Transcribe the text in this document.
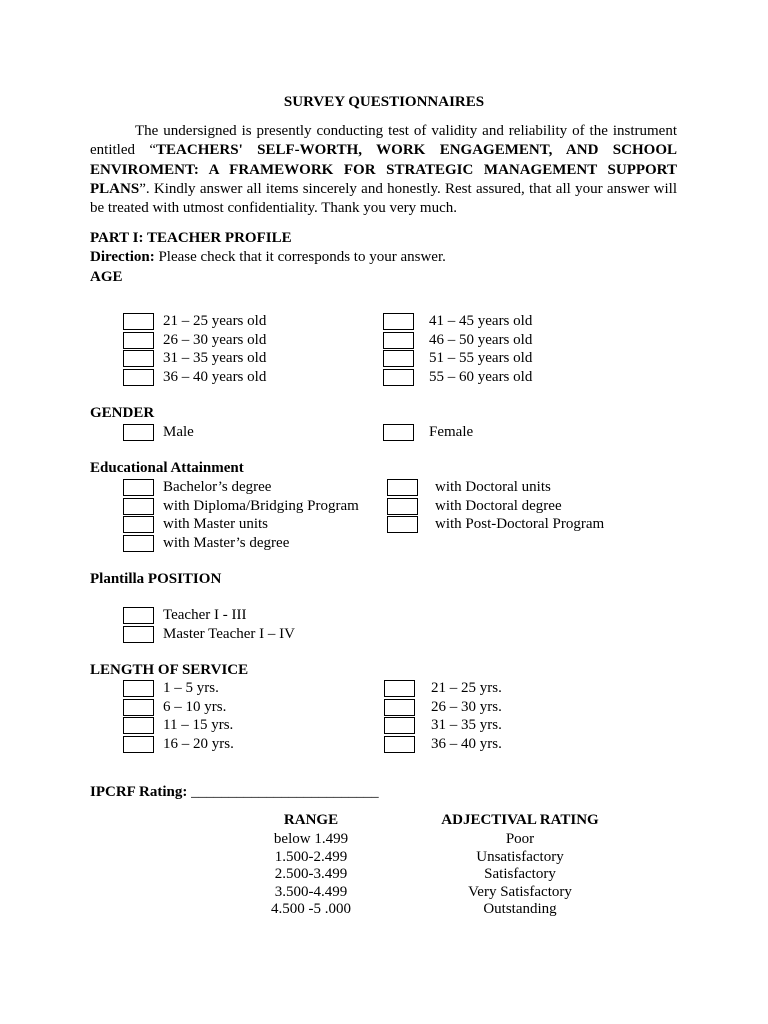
SURVEY QUESTIONNAIRES
The undersigned is presently conducting test of validity and reliability of the instrument entitled “TEACHERS' SELF-WORTH, WORK ENGAGEMENT, AND SCHOOL ENVIROMENT: A FRAMEWORK FOR STRATEGIC MANAGEMENT SUPPORT PLANS”. Kindly answer all items sincerely and honestly. Rest assured, that all your answer will be treated with utmost confidentiality. Thank you very much.
PART I: TEACHER PROFILE
Direction: Please check that it corresponds to your answer.
AGE
21 – 25 years old
26 – 30 years old
31 – 35 years old
36 – 40 years old
41 – 45 years old
46 – 50 years old
51 – 55 years old
55 – 60 years old
GENDER
Male	Female
Educational Attainment
Bachelor’s degree
with Diploma/Bridging Program
with Master units
with Master’s degree
with Doctoral units
with Doctoral degree
with Post-Doctoral Program
Plantilla POSITION
Teacher I - III
Master Teacher I – IV
LENGTH OF SERVICE
1 – 5 yrs.
6 – 10 yrs.
11 – 15 yrs.
16 – 20 yrs.
21 – 25 yrs.
26 – 30 yrs.
31 – 35 yrs.
36 – 40 yrs.
IPCRF Rating: _________________________
RANGE	ADJECTIVAL RATING
below 1.499	Poor
1.500-2.499	Unsatisfactory
2.500-3.499	Satisfactory
3.500-4.499	Very Satisfactory
4.500 -5 .000	Outstanding
